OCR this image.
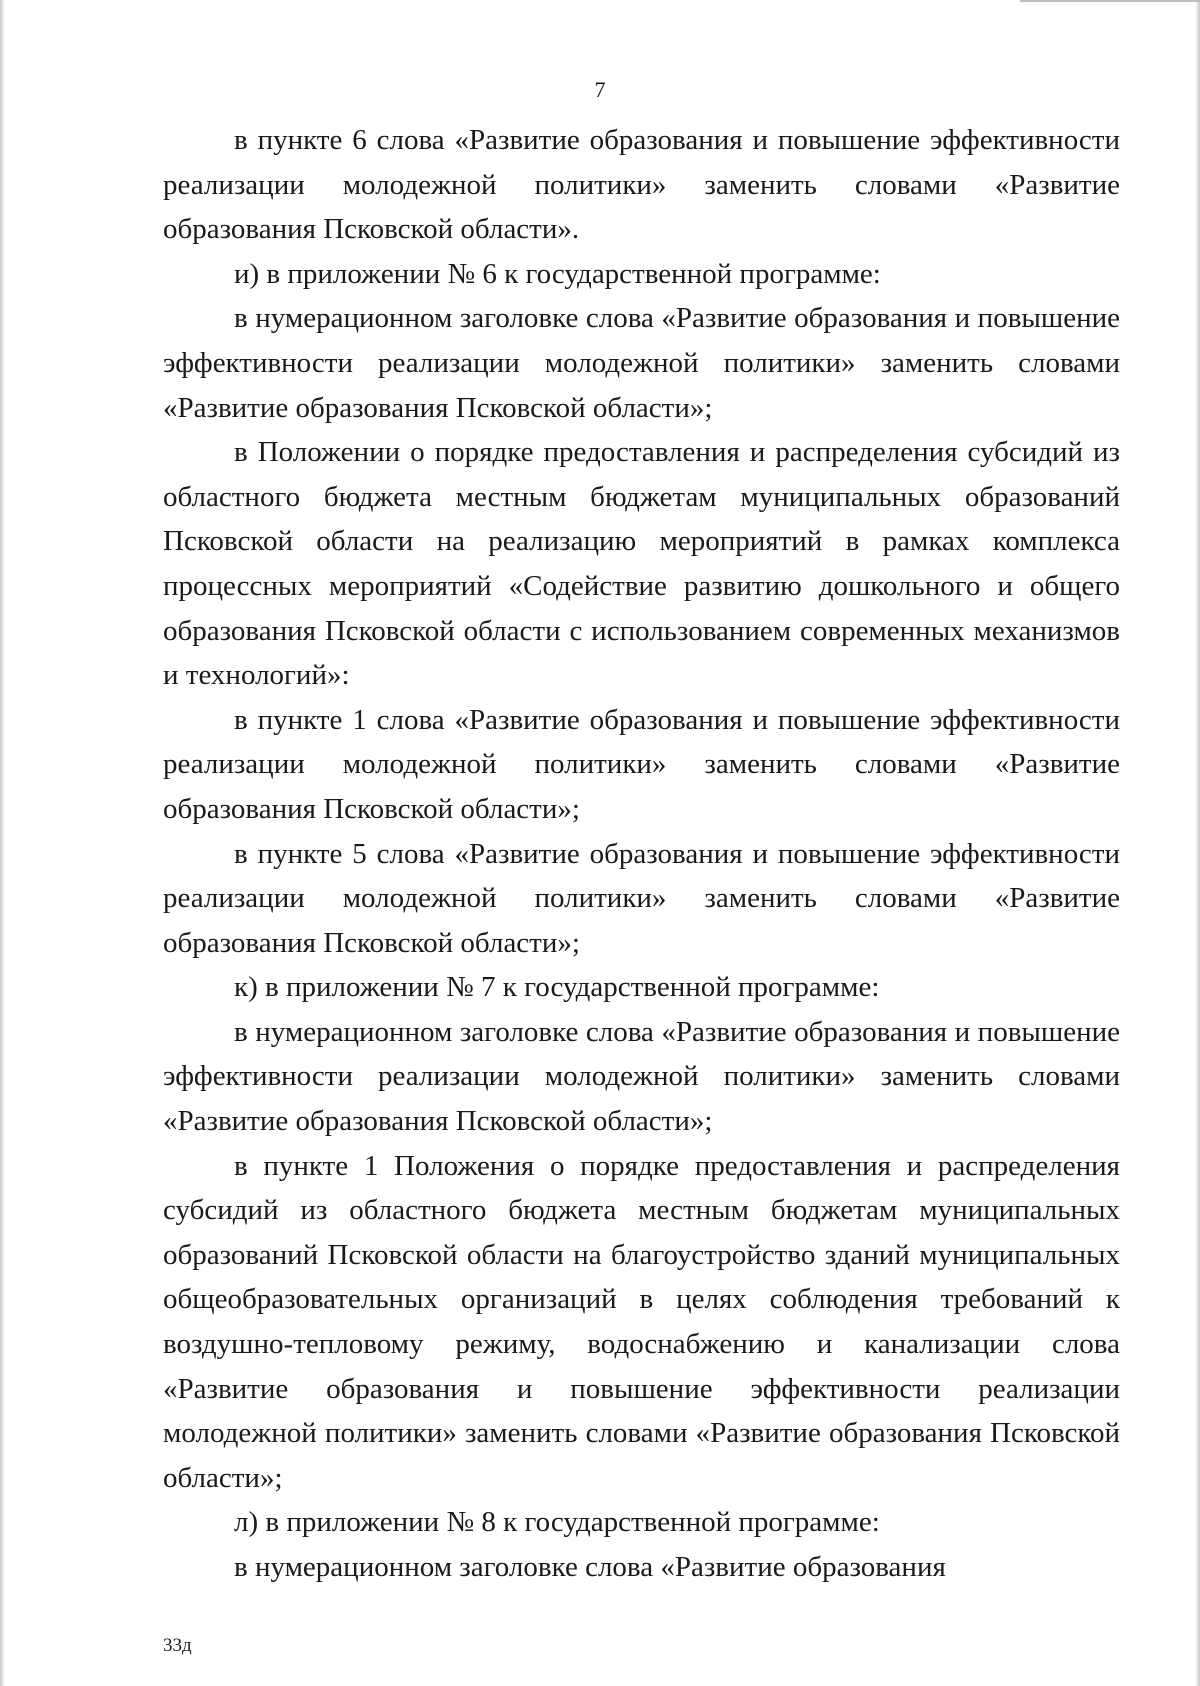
7

в пункте 6 слова «Развитие образования и повышение эффективности реализации молодежной политики» заменить словами «Развитие образования Псковской области».

и) в приложении № 6 к государственной программе:

в нумерационном заголовке слова «Развитие образования и повышение эффективности реализации молодежной политики» заменить словами «Развитие образования Псковской области»;

в Положении о порядке предоставления и распределения субсидий из областного бюджета местным бюджетам муниципальных образований Псковской области на реализацию мероприятий в рамках комплекса процессных мероприятий «Содействие развитию дошкольного и общего образования Псковской области с использованием современных механизмов и технологий»:

в пункте 1 слова «Развитие образования и повышение эффективности реализации молодежной политики» заменить словами «Развитие образования Псковской области»;

в пункте 5 слова «Развитие образования и повышение эффективности реализации молодежной политики» заменить словами «Развитие образования Псковской области»;

к) в приложении № 7 к государственной программе:

в нумерационном заголовке слова «Развитие образования и повышение эффективности реализации молодежной политики» заменить словами «Развитие образования Псковской области»;

в пункте 1 Положения о порядке предоставления и распределения субсидий из областного бюджета местным бюджетам муниципальных образований Псковской области на благоустройство зданий муниципальных общеобразовательных организаций в целях соблюдения требований к воздушно-тепловому режиму, водоснабжению и канализации слова «Развитие образования и повышение эффективности реализации молодежной политики» заменить словами «Развитие образования Псковской области»;

л) в приложении № 8 к государственной программе:

в нумерационном заголовке слова «Развитие образования

33д
